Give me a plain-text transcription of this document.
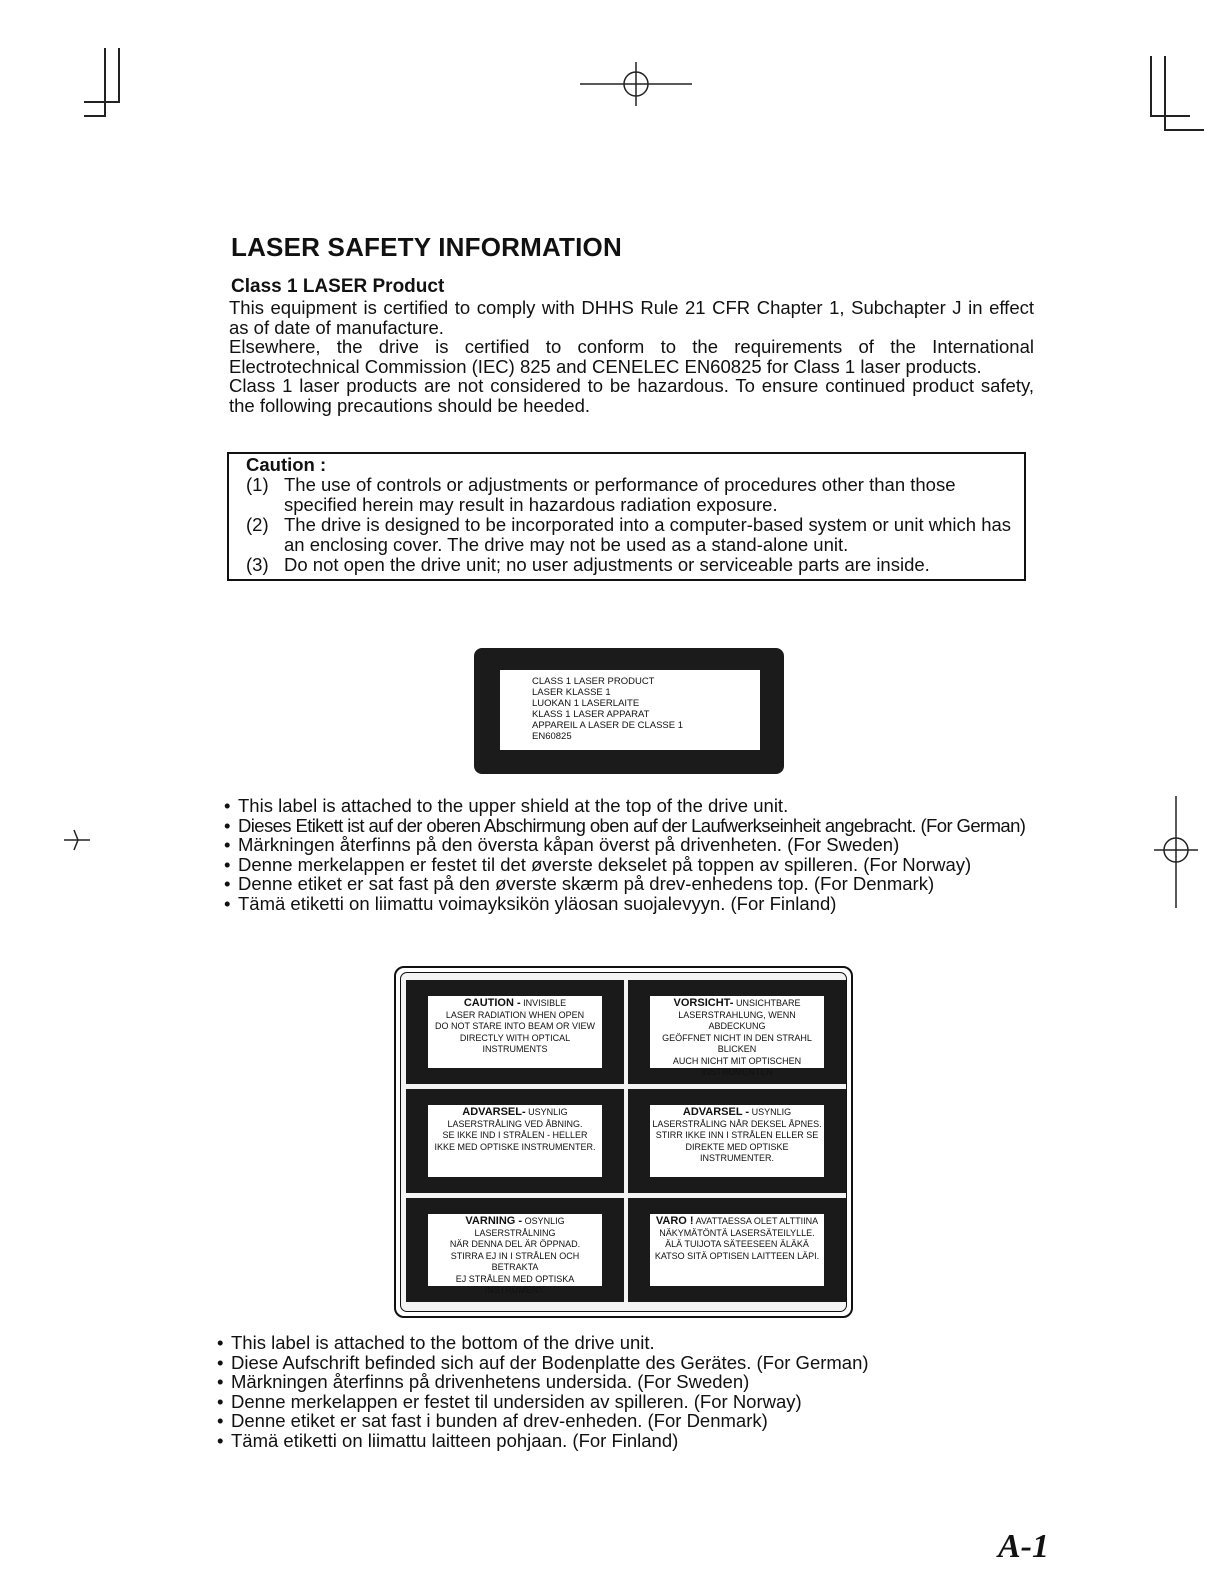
LASER SAFETY INFORMATION
Class 1 LASER Product

This equipment is certified to comply with DHHS Rule 21 CFR Chapter 1, Subchapter J in effect as of date of manufacture.

Elsewhere, the drive is certified to conform to the requirements of the International Electrotechnical Commission (IEC) 825 and CENELEC EN60825 for Class 1 laser products.

Class 1 laser products are not considered to be hazardous. To ensure continued product safety, the following precautions should be heeded.

Caution :
(1) The use of controls or adjustments or performance of procedures other than those specified herein may result in hazardous radiation exposure.
(2) The drive is designed to be incorporated into a computer-based system or unit which has an enclosing cover. The drive may not be used as a stand-alone unit.
(3) Do not open the drive unit; no user adjustments or serviceable parts are inside.
CLASS 1 LASER PRODUCT
LASER KLASSE 1
LUOKAN 1 LASERLAITE
KLASS 1 LASER APPARAT
APPAREIL A LASER DE CLASSE 1
EN60825
• This label is attached to the upper shield at the top of the drive unit.
• Dieses Etikett ist auf der oberen Abschirmung oben auf der Laufwerkseinheit angebracht. (For German)
• Märkningen återfinns på den översta kåpan överst på drivenheten. (For Sweden)
• Denne merkelappen er festet til det øverste dekselet på toppen av spilleren. (For Norway)
• Denne etiket er sat fast på den øverste skærm på drev-enhedens top. (For Denmark)
• Tämä etiketti on liimattu voimayksikön yläosan suojalevyyn. (For Finland)
CAUTION - INVISIBLE
LASER RADIATION WHEN OPEN
DO NOT STARE INTO BEAM OR VIEW
DIRECTLY WITH OPTICAL INSTRUMENTS
VORSICHT- UNSICHTBARE
LASERSTRAHLUNG, WENN ABDECKUNG
GEÖFFNET NICHT IN DEN STRAHL BLICKEN
AUCH NICHT MIT OPTISCHEN INSTRUMENTEN
ADVARSEL- USYNLIG
LASERSTRÅLING VED ÅBNING.
SE IKKE IND I STRÅLEN - HELLER
IKKE MED OPTISKE INSTRUMENTER.
ADVARSEL - USYNLIG
LASERSTRÅLING NÅR DEKSEL ÅPNES.
STIRR IKKE INN I STRÅLEN ELLER SE
DIREKTE MED OPTISKE INSTRUMENTER.
VARNING - OSYNLIG LASERSTRÅLNING
NÄR DENNA DEL ÄR ÖPPNAD.
STIRRA EJ IN I STRÅLEN OCH BETRAKTA
EJ STRÅLEN MED OPTISKA INSTRUMENT.
VARO ! AVATTAESSA OLET ALTTIINA
NÄKYMÄTÖNTÄ LASERSÄTEILYLLE.
ÄLÄ TUIJOTA SÄTEESEEN ÄLÄKÄ
KATSO SITÄ OPTISEN LAITTEEN LÄPI.
• This label is attached to the bottom of the drive unit.
• Diese Aufschrift befinded sich auf der Bodenplatte des Gerätes. (For German)
• Märkningen återfinns på drivenhetens undersida. (For Sweden)
• Denne merkelappen er festet til undersiden av spilleren. (For Norway)
• Denne etiket er sat fast i bunden af drev-enheden. (For Denmark)
• Tämä etiketti on liimattu laitteen pohjaan. (For Finland)
A-1
